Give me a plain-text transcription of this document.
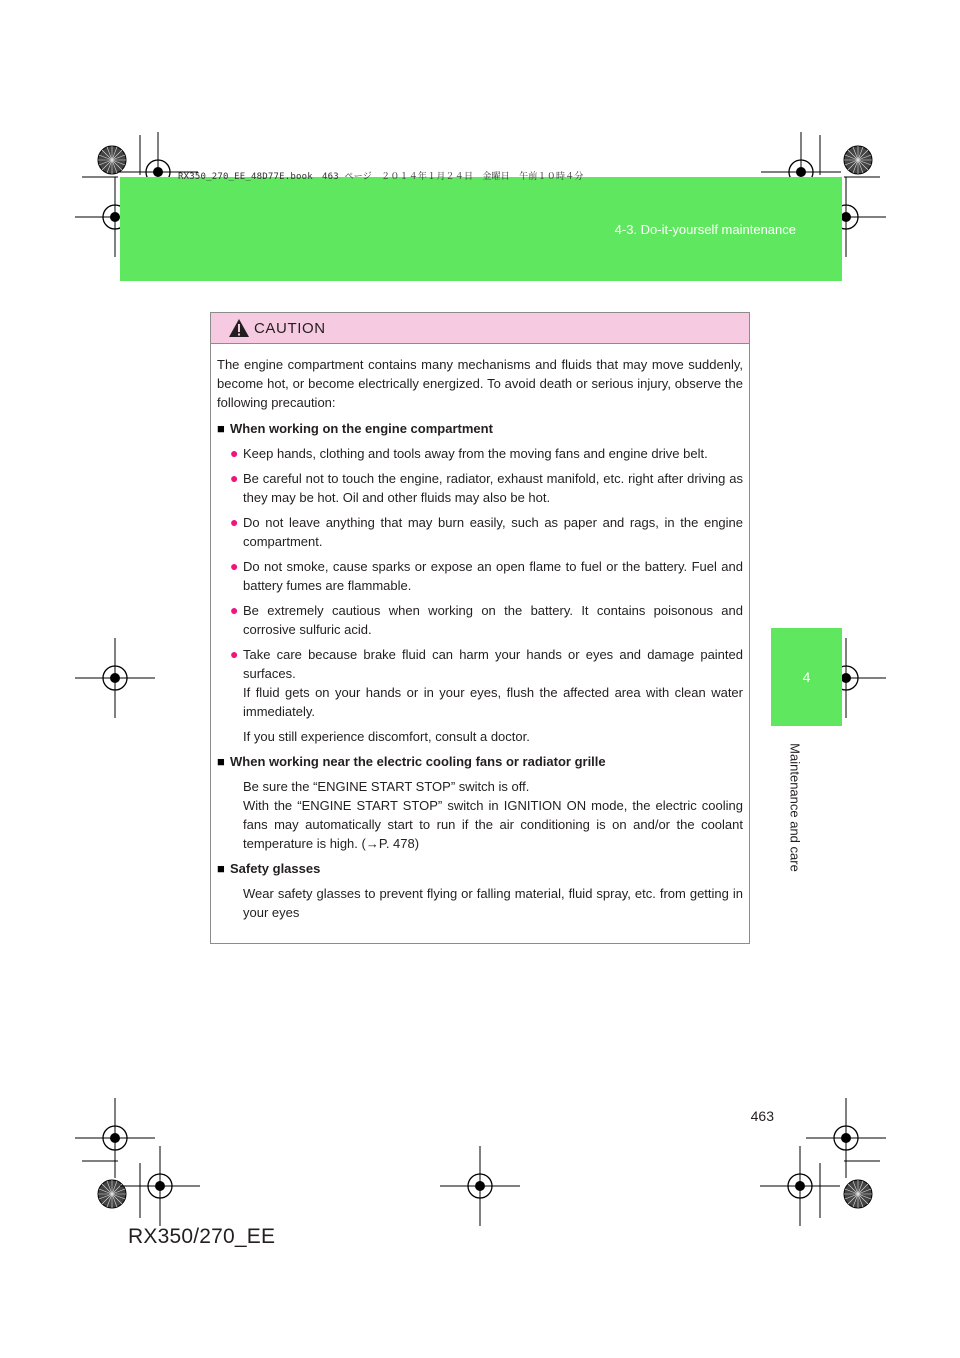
RX350_270_EE_48D77E.book　463 ページ　２０１４年１月２４日　金曜日　午前１０時４分
4-3. Do-it-yourself maintenance
4
Maintenance and care
CAUTION

The engine compartment contains many mechanisms and fluids that may move suddenly, become hot, or become electrically energized. To avoid death or serious injury, observe the following precaution:

■ When working on the engine compartment
● Keep hands, clothing and tools away from the moving fans and engine drive belt.
● Be careful not to touch the engine, radiator, exhaust manifold, etc. right after driving as they may be hot. Oil and other fluids may also be hot.
● Do not leave anything that may burn easily, such as paper and rags, in the engine compartment.
● Do not smoke, cause sparks or expose an open flame to fuel or the battery. Fuel and battery fumes are flammable.
● Be extremely cautious when working on the battery. It contains poisonous and corrosive sulfuric acid.
● Take care because brake fluid can harm your hands or eyes and damage painted surfaces.

If fluid gets on your hands or in your eyes, flush the affected area with clean water immediately.

If you still experience discomfort, consult a doctor.

■ When working near the electric cooling fans or radiator grille

Be sure the “ENGINE START STOP” switch is off.

With the “ENGINE START STOP” switch in IGNITION ON mode, the electric cooling fans may automatically start to run if the air conditioning is on and/or the coolant temperature is high. (→P. 478)

■ Safety glasses

Wear safety glasses to prevent flying or falling material, fluid spray, etc. from getting in your eyes

463
RX350/270_EE
